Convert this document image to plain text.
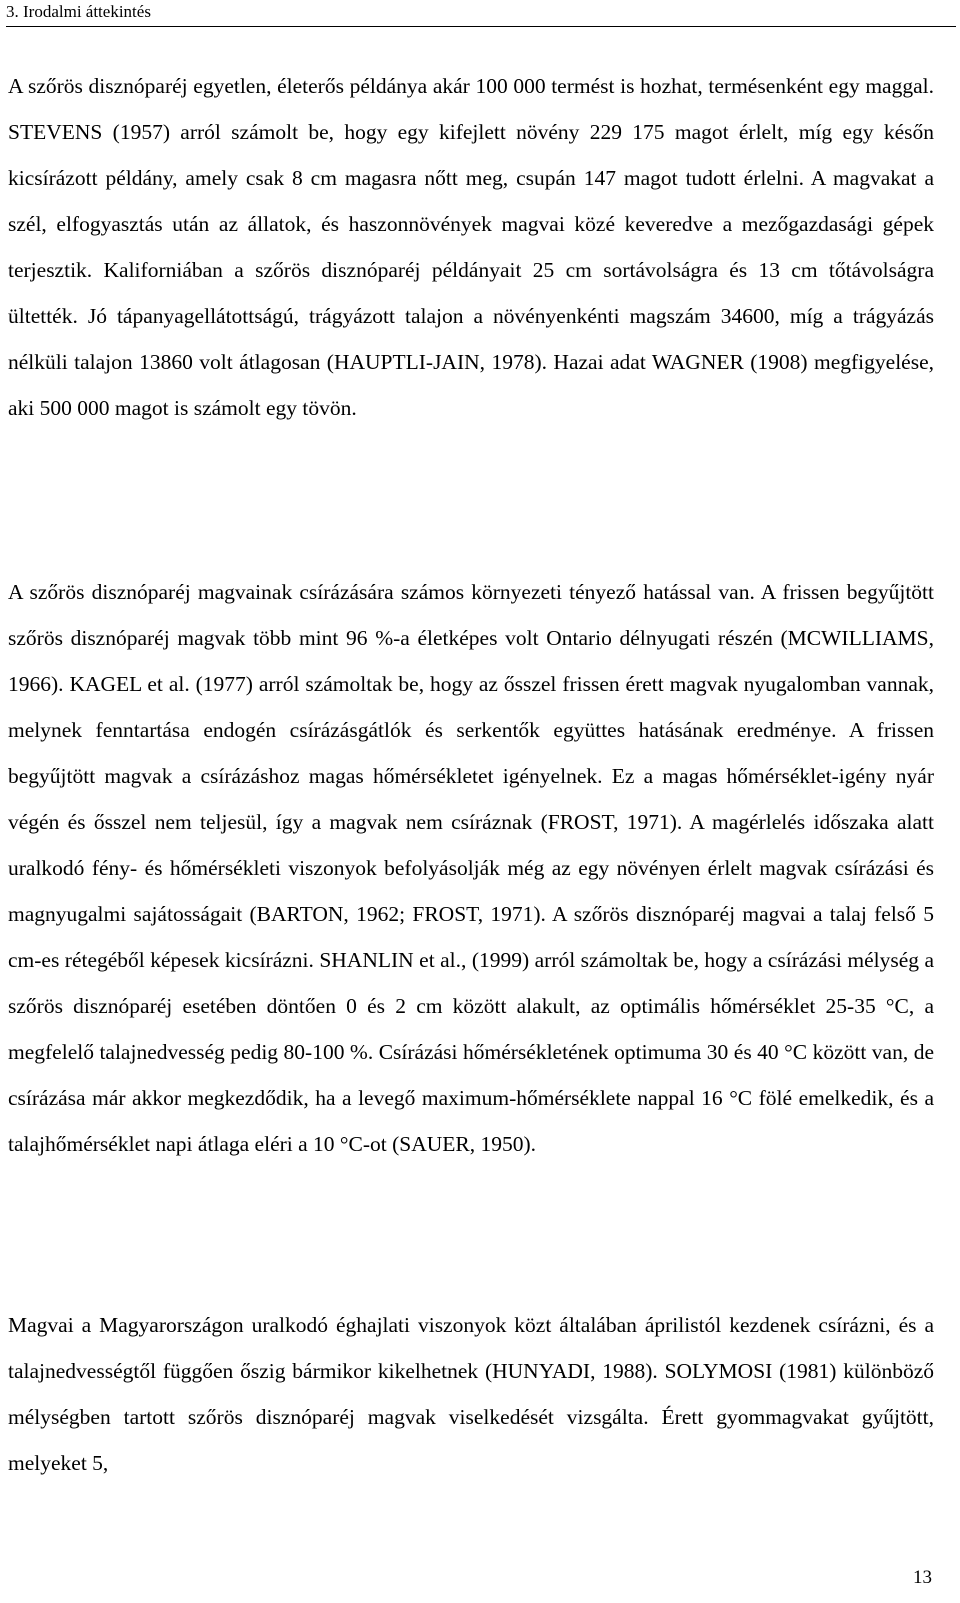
3. Irodalmi áttekintés

A szőrös disznóparéj egyetlen, életerős példánya akár 100 000 termést is hozhat, termésenként egy maggal. STEVENS (1957) arról számolt be, hogy egy kifejlett növény 229 175 magot érlelt, míg egy későn kicsírázott példány, amely csak 8 cm magasra nőtt meg, csupán 147 magot tudott érlelni. A magvakat a szél, elfogyasztás után az állatok, és haszonnövények magvai közé keveredve a mezőgazdasági gépek terjesztik. Kaliforniában a szőrös disznóparéj példányait 25 cm sortávolságra és 13 cm tőtávolságra ültették. Jó tápanyagellátottságú, trágyázott talajon a növényenkénti magszám 34600, míg a trágyázás nélküli talajon 13860 volt átlagosan (HAUPTLI-JAIN, 1978). Hazai adat WAGNER (1908) megfigyelése, aki 500 000 magot is számolt egy tövön.

A szőrös disznóparéj magvainak csírázására számos környezeti tényező hatással van. A frissen begyűjtött szőrös disznóparéj magvak több mint 96 %-a életképes volt Ontario délnyugati részén (MCWILLIAMS, 1966). KAGEL et al. (1977) arról számoltak be, hogy az ősszel frissen érett magvak nyugalomban vannak, melynek fenntartása endogén csírázásgátlók és serkentők együttes hatásának eredménye. A frissen begyűjtött magvak a csírázáshoz magas hőmérsékletet igényelnek. Ez a magas hőmérséklet-igény nyár végén és ősszel nem teljesül, így a magvak nem csíráznak (FROST, 1971). A magérlelés időszaka alatt uralkodó fény- és hőmérsékleti viszonyok befolyásolják még az egy növényen érlelt magvak csírázási és magnyugalmi sajátosságait (BARTON, 1962; FROST, 1971). A szőrös disznóparéj magvai a talaj felső 5 cm-es rétegéből képesek kicsírázni. SHANLIN et al., (1999) arról számoltak be, hogy a csírázási mélység a szőrös disznóparéj esetében döntően 0 és 2 cm között alakult, az optimális hőmérséklet 25-35 °C, a megfelelő talajnedvesség pedig 80-100 %. Csírázási hőmérsékletének optimuma 30 és 40 °C között van, de csírázása már akkor megkezdődik, ha a levegő maximum-hőmérséklete nappal 16 °C fölé emelkedik, és a talajhőmérséklet napi átlaga eléri a 10 °C-ot (SAUER, 1950).

Magvai a Magyarországon uralkodó éghajlati viszonyok közt általában áprilistól kezdenek csírázni, és a talajnedvességtől függően őszig bármikor kikelhetnek (HUNYADI, 1988). SOLYMOSI (1981) különböző mélységben tartott szőrös disznóparéj magvak viselkedését vizsgálta. Érett gyommagvakat gyűjtött, melyeket 5,

13
